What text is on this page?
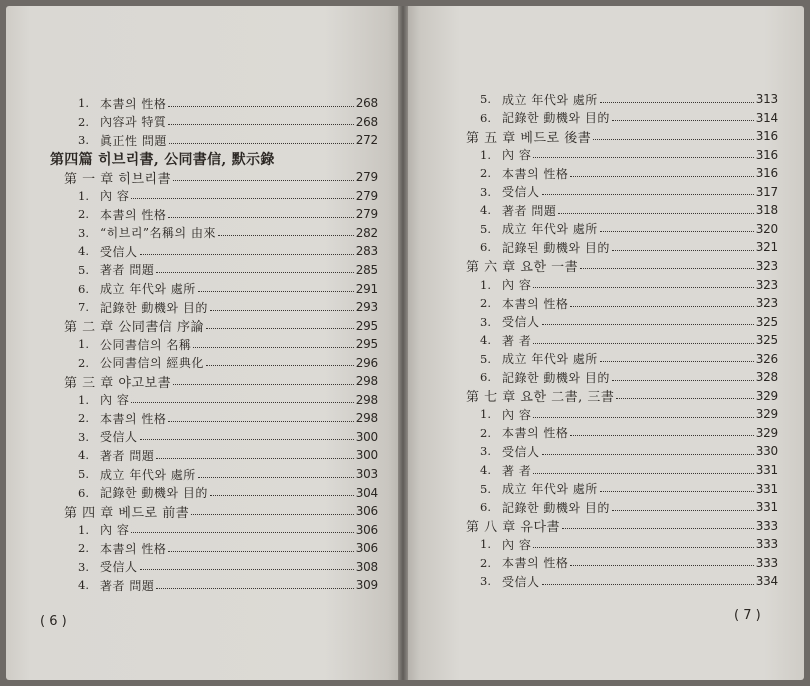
1. 本書의 性格	268
2. 內容과 特質	268
3. 眞正性 問題	272
第四篇 히브리書, 公同書信, 默示錄
第 一 章 히브리書	279
1. 內 容	279
2. 本書의 性格	279
3. “히브리”名稱의 由來	282
4. 受信人	283
5. 著者 問題	285
6. 成立 年代와 處所	291
7. 記錄한 動機와 目的	293
第 二 章 公同書信 序論	295
1. 公同書信의 名稱	295
2. 公同書信의 經典化	296
第 三 章 야고보書	298
1. 內 容	298
2. 本書의 性格	298
3. 受信人	300
4. 著者 問題	300
5. 成立 年代와 處所	303
6. 記錄한 動機와 目的	304
第 四 章 베드로 前書	306
1. 內 容	306
2. 本書의 性格	306
3. 受信人	308
4. 著者 問題	309
( 6 )
5. 成立 年代와 處所	313
6. 記錄한 動機와 目的	314
第 五 章 베드로 後書	316
1. 內 容	316
2. 本書의 性格	316
3. 受信人	317
4. 著者 問題	318
5. 成立 年代와 處所	320
6. 記錄된 動機와 目的	321
第 六 章 요한 一書	323
1. 內 容	323
2. 本書의 性格	323
3. 受信人	325
4. 著 者	325
5. 成立 年代와 處所	326
6. 記錄한 動機와 目的	328
第 七 章 요한 二書, 三書	329
1. 內 容	329
2. 本書의 性格	329
3. 受信人	330
4. 著 者	331
5. 成立 年代와 處所	331
6. 記錄한 動機와 目的	331
第 八 章 유다書	333
1. 內 容	333
2. 本書의 性格	333
3. 受信人	334
( 7 )
